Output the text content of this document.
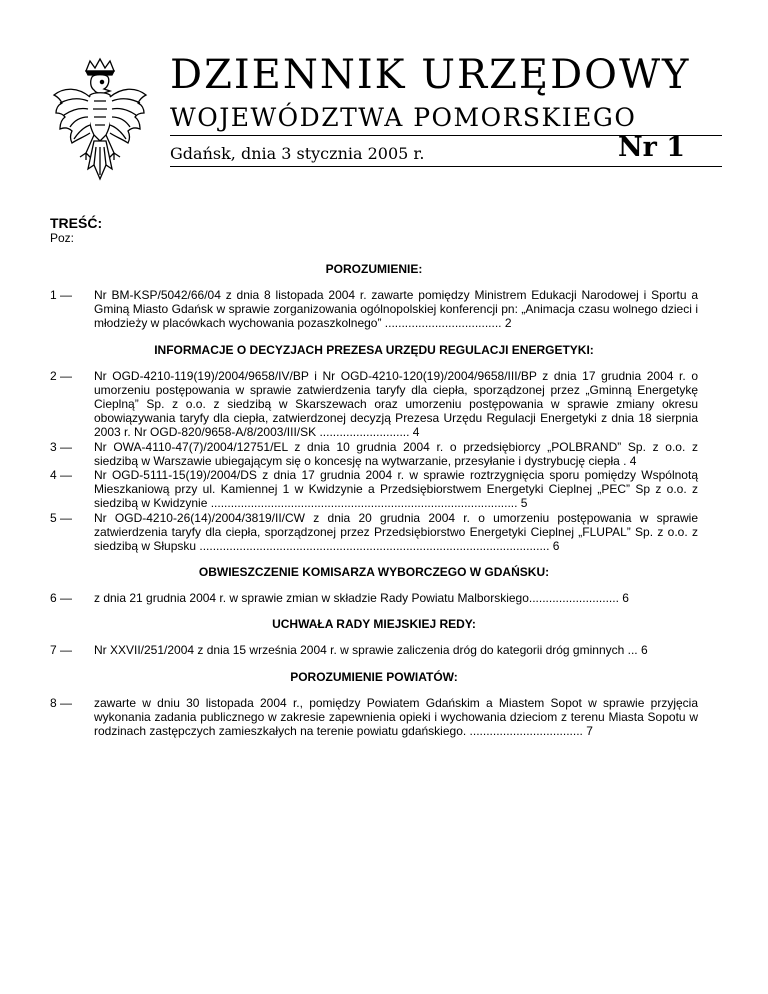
DZIENNIK URZĘDOWY
WOJEWÓDZTWA POMORSKIEGO
Gdańsk, dnia 3 stycznia 2005 r.	Nr 1
TREŚĆ:
Poz:
POROZUMIENIE:
1 —	Nr BM-KSP/5042/66/04 z dnia 8 listopada 2004 r. zawarte pomiędzy Ministrem Edukacji Narodowej i Sportu a Gminą Miasto Gdańsk w sprawie zorganizowania ogólnopolskiej konferencji pn: „Animacja czasu wolnego dzieci i młodzieży w placówkach wychowania pozaszkolnego” ................................... 2
INFORMACJE O DECYZJACH PREZESA URZĘDU REGULACJI ENERGETYKI:
2 —	Nr OGD-4210-119(19)/2004/9658/IV/BP i Nr OGD-4210-120(19)/2004/9658/III/BP z dnia 17 grudnia 2004 r. o umorzeniu postępowania w sprawie zatwierdzenia taryfy dla ciepła, sporządzonej przez „Gminną Energetykę Cieplną” Sp. z o.o. z siedzibą w Skarszewach oraz umorzeniu postępowania w sprawie zmiany okresu obowiązywania taryfy dla ciepła, zatwierdzonej decyzją Prezesa Urzędu Regulacji Energetyki z dnia 18 sierpnia 2003 r. Nr OGD-820/9658-A/8/2003/III/SK ........................... 4
3 —	Nr OWA-4110-47(7)/2004/12751/EL z dnia 10 grudnia 2004 r. o przedsiębiorcy „POLBRAND” Sp. z o.o. z siedzibą w Warszawie ubiegającym się o koncesję na wytwarzanie, przesyłanie i dystrybucję ciepła . 4
4 —	Nr OGD-5111-15(19)/2004/DS z dnia 17 grudnia 2004 r. w sprawie roztrzygnięcia sporu pomiędzy Wspólnotą Mieszkaniową przy ul. Kamiennej 1 w Kwidzynie a Przedsiębiorstwem Energetyki Cieplnej „PEC” Sp z o.o. z siedzibą w Kwidzynie ............................................................................................ 5
5 —	Nr OGD-4210-26(14)/2004/3819/II/CW z dnia 20 grudnia 2004 r. o umorzeniu postępowania w sprawie zatwierdzenia taryfy dla ciepła, sporządzonej przez Przedsiębiorstwo Energetyki Cieplnej „FLUPAL” Sp. z o.o. z siedzibą w Słupsku ......................................................................................................... 6
OBWIESZCZENIE KOMISARZA WYBORCZEGO W GDAŃSKU:
6 —	z dnia 21 grudnia 2004 r. w sprawie zmian w składzie Rady Powiatu Malborskiego........................... 6
UCHWAŁA RADY MIEJSKIEJ REDY:
7 —	Nr XXVII/251/2004 z dnia 15 września 2004 r. w sprawie zaliczenia dróg do kategorii dróg gminnych ... 6
POROZUMIENIE POWIATÓW:
8 —	zawarte w dniu 30 listopada 2004 r., pomiędzy Powiatem Gdańskim a Miastem Sopot w sprawie przyjęcia wykonania zadania publicznego w zakresie zapewnienia opieki i wychowania dzieciom z terenu Miasta Sopotu w rodzinach zastępczych zamieszkałych na terenie powiatu gdańskiego. .................................. 7
